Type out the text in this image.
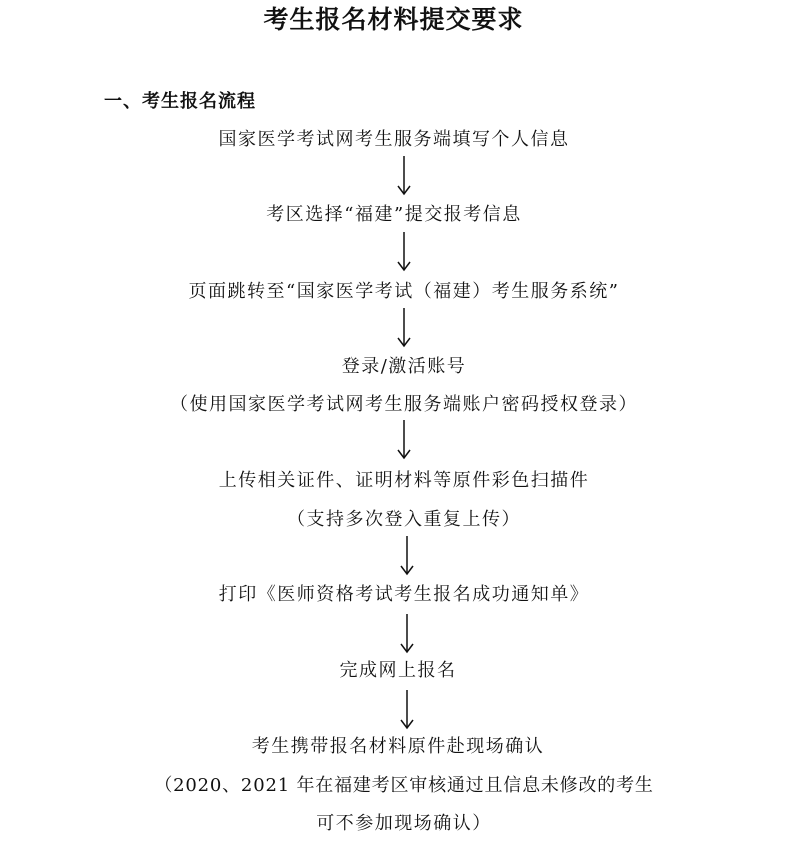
考生报名材料提交要求
一、考生报名流程
国家医学考试网考生服务端填写个人信息
考区选择“福建”提交报考信息
页面跳转至“国家医学考试（福建）考生服务系统”
登录/激活账号
（使用国家医学考试网考生服务端账户密码授权登录）
上传相关证件、证明材料等原件彩色扫描件
（支持多次登入重复上传）
打印《医师资格考试考生报名成功通知单》
完成网上报名
考生携带报名材料原件赴现场确认
（2020、2021 年在福建考区审核通过且信息未修改的考生
可不参加现场确认）
